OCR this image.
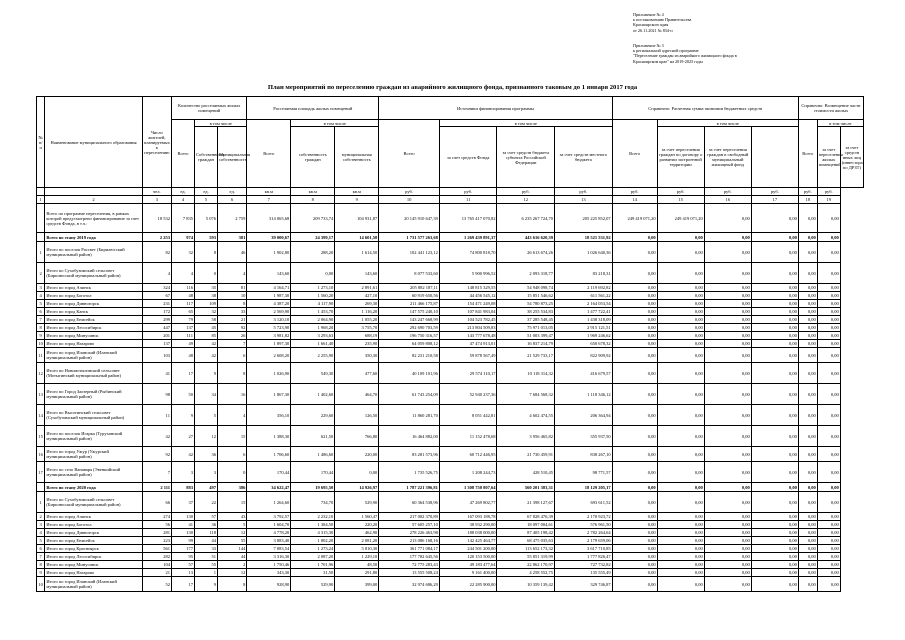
Приложение № 4
к постановлению Правительства
Красноярского края
от 26.11.2021 № 834-п
Приложение № 3
к региональной адресной программе
"Переселение граждан из аварийного жилищного фонда в
Красноярском крае" на 2019-2025 годы
План мероприятий по переселению граждан из аварийного жилищного фонда, признанного таковым до 1 января 2017 года
№ п/п	Наименование муниципального образования	Число жителей, планируемых к переселению	Количество расселяемых жилых помещений			Расселяемая площадь жилых помещений			Источники финансирования программы				Справочно: Расчетная сумма экономии бюджетных средств				Справочно: Возмещение части стоимости жилых		
			Всего	в том числе		Всего	в том числе		Всего	в том числе			Всего	в том числе			Всего	в том числе	
				Собственность граждан	Муниципальная собственность		собственность граждан	муниципальная собственность		за счет средств Фонда	за счет средств бюджета субъекта Российской Федерации	за счет средств местного бюджета		за счет переселения граждан по договору о развитии застроенной территории	за счет переселения граждан в свободный муниципальный жилищный фонд			за счет переселения жилых помещений	за счет средств иных лиц (инвестора по ДРЗТ)
		чел.	ед.	ед.	ед.	кв.м	кв.м	кв.м	руб.	руб.	руб.	руб.	руб.	руб.	руб.	руб.	руб.	руб.	
1	2	3	4	5	6	7	8	9	10	11	12	13	14	15	16	17	18	19	
	Всего по программе переселения, в рамках которой предусмотрено финансирование за счет средств Фонда, в т.ч.:	18 532	7 835	5 076	2 759	314 065,68	209 733,74	104 931,87	20 145 910 647,39	13 765 417 070,82	6 235 267 724,70	205 225 852,07	249 419 071,20	249 419 071,20	0,00	0,00	0,00	0,00	
	Всего по этапу 2019 года	2 253	974	593	381	39 000,67	24 399,17	14 601,50	1 731 577 263,68	1 269 439 891,37	443 616 620,39	18 521 531,92	0,00	0,00	0,00	0,00	0,00	0,00	
1	Итого по поселок Рассвет (Бирилюсский муниципальный район)	82	32	8	46	1 902,80	288,20	1 614,50	102 441 123,12	74 800 818,70	26 613 674,26	1 026 640,36	0,00	0,00	0,00	0,00	0,00	0,00	
2	Итого по Сухобузимский сельсовет (Бирилюсский муниципальный район)	4	4	0	4	143,60	0,00	143,60	8 077 533,60	5 900 996,52	2 093 318,77	83 218,31	0,00	0,00	0,00	0,00	0,00	0,00	
3	Итого по город Ачинск	324	116	35	81	4 164,71	1 273,10	2 891,61	205 882 187,11	148 815 329,55	54 948 098,74	2 119 692,82	0,00	0,00	0,00	0,00	0,00	0,00	
4	Итого по город Боготол	67	48	38	10	1 987,30	1 560,20	427,10	60 919 650,56	44 456 545,12	15 851 546,62	611 561,22	0,00	0,00	0,00	0,00	0,00	0,00	
5	Итого по город Дивногорск	231	117	109	8	4 387,20	4 117,90	269,30	211 466 175,87	154 471 249,08	54 780 873,25	2 164 053,54	0,00	0,00	0,00	0,00	0,00	0,00	
6	Итого по город Канск	172	65	32	33	2 569,90	1 453,70	1 116,20	147 575 240,10	107 841 983,04	38 255 534,83	1 477 722,41	0,00	0,00	0,00	0,00	0,00	0,00	
7	Итого по город Енисейск	299	79	58	21	3 120,10	2 064,90	1 055,20	143 247 668,99	104 523 782,45	37 285 548,45	1 438 318,09	0,00	0,00	0,00	0,00	0,00	0,00	
8	Итого по город Лесосибирск	447	137	45	92	5 723,90	1 968,20	3 755,70	292 690 703,59	213 804 509,83	75 971 013,05	2 915 121,51	0,00	0,00	0,00	0,00	0,00	0,00	
9	Итого по город Минусинск	201	111	85	26	3 981,82	3 293,63	688,19	196 750 316,57	143 777 678,48	51 003 399,47	1 969 246,62	0,00	0,00	0,00	0,00	0,00	0,00	
10	Итого по город Назарово	137	49	42	7	1 897,30	1 661,40	235,90	64 059 808,12	47 474 913,01	16 837 214,79	650 678,32	0,00	0,00	0,00	0,00	0,00	0,00	
11	Итого по город Иланский (Иланский муниципальный район)	103	48	42	6	2 608,20	2 255,90	350,30	82 231 210,58	59 878 567,49	21 529 733,17	822 909,92	0,00	0,00	0,00	0,00	0,00	0,00	
12	Итого по Новомотыгинский сельсовет (Мотыгинский муниципальный район)	41	17	9	8	1 026,90	549,30	477,60	40 109 101,96	29 574 110,17	10 118 314,32	416 679,57	0,00	0,00	0,00	0,00	0,00	0,00	
13	Итого по Город Заозерный (Рыбинский муниципальный район)	98	50	34	16	1 867,30	1 402,60	464,70	61 743 254,09	52 940 237,36	7 684 568,32	1 118 346,12	0,00	0,00	0,00	0,00	0,00	0,00	
14	Итого по Высотинский сельсовет (Сухобузимский муниципальный район)	11	9	5	4	356,10	229,60	126,50	11 860 281,70	8 051 442,81	4 602 474,55	206 364,94	0,00	0,00	0,00	0,00	0,00	0,00	
15	Итого по поселок Игарка (Туруханский муниципальный район)	42	27	12	15	1 388,30	621,50	766,80	16 464 882,00	11 152 478,68	3 956 465,82	355 937,50	0,00	0,00	0,00	0,00	0,00	0,00	
16	Итого по город Ужур (Ужурский муниципальный район)	92	42	36	6	1 706,60	1 486,60	220,00	83 281 573,96	60 712 446,95	21 730 459,91	838 267,10	0,00	0,00	0,00	0,00	0,00	0,00	
17	Итого по село Ванавара (Эвенкийский муниципальный район)	7	3	3	0	170,44	170,44	0,00	1 735 526,75	1 208 244,73	428 510,45	98 771,57	0,00	0,00	0,00	0,00	0,00	0,00	
	Всего по этапу 2020 года	2 111	883	497	386	34 622,47	19 695,50	14 926,97	1 787 221 396,81	1 308 750 807,64	560 201 383,31	18 129 205,17	0,00	0,00	0,00	0,00	0,00	0,00	
1	Итого по Сухобузимский сельсовет (Бирилюсский муниципальный район)	66	37	22	15	1 264,60	734,70	529,90	60 364 538,96	47 269 802,77	21 398 127,67	693 611,52	0,00	0,00	0,00	0,00	0,00	0,00	
2	Итого по город Ачинск	274	130	57	43	3 792,57	2 232,10	1 560,47	217 002 370,89	167 093 188,78	67 828 476,39	2 170 923,72	0,00	0,00	0,00	0,00	0,00	0,00	
3	Итого по город Боготол	56	41	36	5	1 604,70	1 384,50	220,20	57 605 257,10	38 932 290,00	18 097 004,61	576 961,50	0,00	0,00	0,00	0,00	0,00	0,00	
4	Итого по город Дивногорск	281	130	118	12	4 778,20	4 315,30	462,90	278 226 463,98	188 038 000,00	87 405 198,42	2 782 264,64	0,00	0,00	0,00	0,00	0,00	0,00	
5	Итого по город Енисейск	223	99	44	55	3 883,40	1 802,20	2 081,20	213 086 168,16	142 425 464,77	68 475 035,63	2 179 659,06	0,00	0,00	0,00	0,00	0,00	0,00	
6	Итого по город Красноярск	561	177	33	144	7 083,54	1 273,24	5 810,30	361 771 084,17	244 501 200,00	113 652 173,32	3 617 710,85	0,00	0,00	0,00	0,00	0,00	0,00	
7	Итого по город Лесосибирск	282	95	51	44	3 316,30	2 087,20	1 229,10	177 782 645,56	120 153 500,00	55 851 319,99	1 777 826,47	0,00	0,00	0,00	0,00	0,00	0,00	
8	Итого по город Минусинск	104	57	55	2	1 750,46	1 701,96	48,50	72 775 283,43	49 183 477,64	22 862 170,97	727 732,82	0,00	0,00	0,00	0,00	0,00	0,00	
9	Итого по город Назарово	21	13	1	12	343,30	31,50	291,80	13 555 508,24	9 161 400,00	4 258 552,75	135 555,49	0,00	0,00	0,00	0,00	0,00	0,00	
10	Итого по город Иланский (Иланский муниципальный район)	52	17	9	8	928,90	529,90	399,00	32 974 686,29	22 285 900,00	10 359 139,42	329 746,87	0,00	0,00	0,00	0,00	0,00	0,00	
